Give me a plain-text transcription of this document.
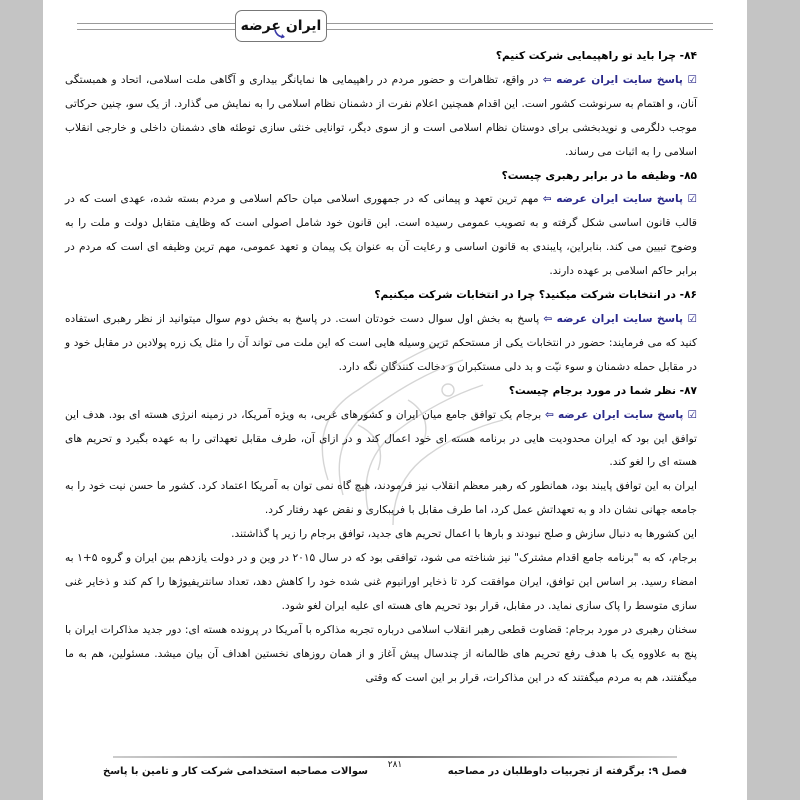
ایران عرضه

۸۴- چرا باید تو راهپیمایی شرکت کنیم؟

☑ پاسخ سایت ایران عرضه ⇦ در واقع، تظاهرات و حضور مردم در راهپیمایی ها نمایانگر بیداری و آگاهی ملت اسلامی، اتحاد و همبستگی آنان، و اهتمام به سرنوشت کشور است. این اقدام همچنین اعلام نفرت از دشمنان نظام اسلامی را به نمایش می گذارد. از یک سو، چنین حرکاتی موجب دلگرمی و نویدبخشی برای دوستان نظام اسلامی است و از سوی دیگر، توانایی خنثی سازی توطئه های دشمنان داخلی و خارجی انقلاب اسلامی را به اثبات می رساند.

۸۵- وظیفه ما در برابر رهبری چیست؟

☑ پاسخ سایت ایران عرضه ⇦ مهم ترین تعهد و پیمانی که در جمهوری اسلامی میان حاکم اسلامی و مردم بسته شده، عهدی است که در قالب قانون اساسی شکل گرفته و به تصویب عمومی رسیده است. این قانون خود شامل اصولی است که وظایف متقابل دولت و ملت را به وضوح تبیین می کند. بنابراین، پایبندی به قانون اساسی و رعایت آن به عنوان یک پیمان و تعهد عمومی، مهم ترین وظیفه ای است که مردم در برابر حاکم اسلامی بر عهده دارند.

۸۶- در انتخابات شرکت میکنید؟ چرا در انتخابات شرکت میکنیم؟

☑ پاسخ سایت ایران عرضه ⇦ پاسخ به بخش اول سوال دست خودتان است. در پاسخ به بخش دوم سوال میتوانید از نظر رهبری استفاده کنید که می فرمایند: حضور در انتخابات یکی از مستحکم ترین وسیله هایی است که این ملت می تواند آن را مثل یک زره پولادین در مقابل خود و در مقابل حمله دشمنان و سوء نیّت و بد دلی مستکبران و دخالت کنندگان نگه دارد.

۸۷- نظر شما در مورد برجام چیست؟

☑ پاسخ سایت ایران عرضه ⇦ برجام یک توافق جامع میان ایران و کشورهای غربی، به ویژه آمریکا، در زمینه انرژی هسته ای بود. هدف این توافق این بود که ایران محدودیت هایی در برنامه هسته ای خود اعمال کند و در ازای آن، طرف مقابل تعهداتی را به عهده بگیرد و تحریم های هسته ای را لغو کند.

ایران به این توافق پایبند بود، همانطور که رهبر معظم انقلاب نیز فرمودند، هیچ گاه نمی توان به آمریکا اعتماد کرد. کشور ما حسن نیت خود را به جامعه جهانی نشان داد و به تعهداتش عمل کرد، اما طرف مقابل با فریبکاری و نقض عهد رفتار کرد.

این کشورها به دنبال سازش و صلح نبودند و بارها با اعمال تحریم های جدید، توافق برجام را زیر پا گذاشتند.

برجام، که به "برنامه جامع اقدام مشترک" نیز شناخته می شود، توافقی بود که در سال ۲۰۱۵ در وین و در دولت یازدهم بین ایران و گروه ۵+۱ به امضاء رسید. بر اساس این توافق، ایران موافقت کرد تا ذخایر اورانیوم غنی شده خود را کاهش دهد، تعداد سانتریفیوژها را کم کند و ذخایر غنی سازی متوسط را پاک سازی نماید. در مقابل، قرار بود تحریم های هسته ای علیه ایران لغو شود.

سخنان رهبری در مورد برجام: قضاوت قطعی رهبر انقلاب اسلامی درباره تجربه مذاکره با آمریکا در پرونده هسته ای: دور جدید مذاکرات ایران با پنج به علاووه یک با هدف رفع تحریم های ظالمانه از چندسال پیش آغاز و از همان روزهای نخستین اهداف آن بیان میشد. مسئولین، هم به ما میگفتند، هم به مردم میگفتند که در این مذاکرات، قرار بر این است که وقتی

۲۸۱
فصل ۹: برگرفته از تجربیات داوطلبان در مصاحبه
سوالات مصاحبه استخدامی شرکت کار و تامین با پاسخ
